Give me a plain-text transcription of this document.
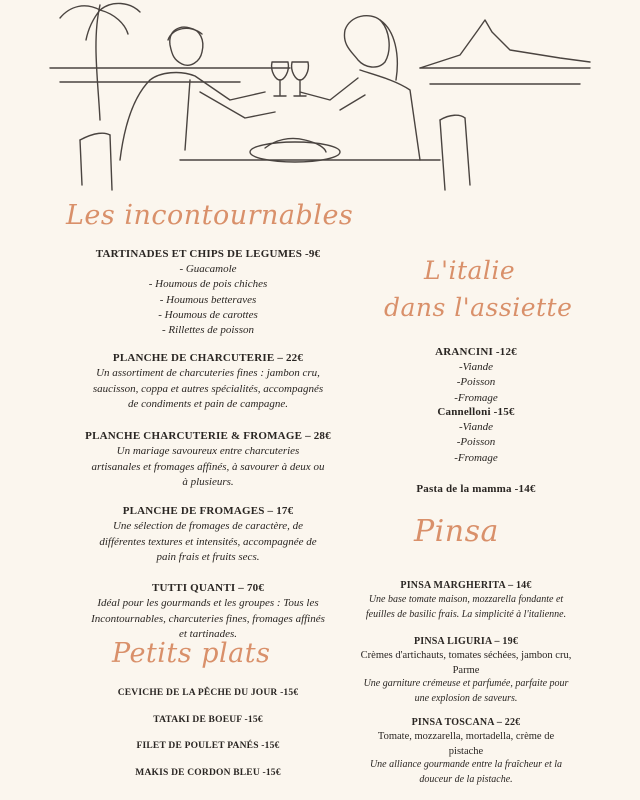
Les incontournables
TARTINADES ET CHIPS DE LEGUMES -9€
- Guacamole
- Houmous de pois chiches
- Houmous betteraves
- Houmous de carottes
- Rillettes de poisson
PLANCHE DE CHARCUTERIE – 22€
Un assortiment de charcuteries fines : jambon cru,
saucisson, coppa et autres spécialités, accompagnés
de condiments et pain de campagne.
PLANCHE CHARCUTERIE & FROMAGE – 28€
Un mariage savoureux entre charcuteries
artisanales et fromages affinés, à savourer à deux ou
à plusieurs.
PLANCHE DE FROMAGES – 17€
Une sélection de fromages de caractère, de
différentes textures et intensités, accompagnée de
pain frais et fruits secs.
TUTTI QUANTI – 70€
Idéal pour les gourmands et les groupes : Tous les
Incontournables, charcuteries fines, fromages affinés
et tartinades.
Petits plats
CEVICHE DE LA PÊCHE DU JOUR -15€
TATAKI DE BOEUF -15€
FILET DE POULET PANÉS -15€
MAKIS DE CORDON BLEU -15€
L'italie
dans l'assiette
ARANCINI -12€
-Viande
-Poisson
-Fromage
Cannelloni -15€
-Viande
-Poisson
-Fromage
Pasta de la mamma -14€
Pinsa
PINSA MARGHERITA – 14€
Une base tomate maison, mozzarella fondante et
feuilles de basilic frais. La simplicité à l'italienne.
PINSA LIGURIA – 19€
Crèmes d'artichauts, tomates séchées, jambon cru,
Parme
Une garniture crémeuse et parfumée, parfaite pour
une explosion de saveurs.
PINSA TOSCANA – 22€
Tomate, mozzarella, mortadella, crème de
pistache
Une alliance gourmande entre la fraîcheur et la
douceur de la pistache.
